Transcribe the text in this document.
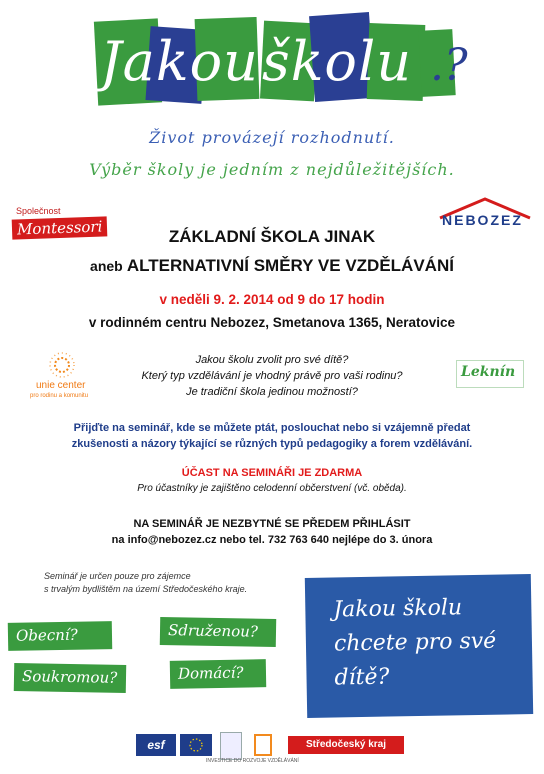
Jakou školu .?
Život provázejí rozhodnutí.
Výběr školy je jedním z nejdůležitějších.
Společnost
Montessori	NEBOZEZ
ZÁKLADNÍ ŠKOLA JINAK
aneb ALTERNATIVNÍ SMĚRY VE VZDĚLÁVÁNÍ
v neděli 9. 2. 2014 od 9 do 17 hodin
v rodinném centru Nebozez, Smetanova 1365, Neratovice
unie center
pro rodinu a komunitu
Jakou školu zvolit pro své dítě?
Který typ vzdělávání je vhodný právě pro vaši rodinu?
Je tradiční škola jedinou možností?
Leknín
Přijďte na seminář, kde se můžete ptát, poslouchat nebo si vzájemně předat
zkušenosti a názory týkající se různých typů pedagogiky a forem vzdělávání.
ÚČAST NA SEMINÁŘI JE ZDARMA
Pro účastníky je zajištěno celodenní občerstvení (vč. oběda).
NA SEMINÁŘ JE NEZBYTNÉ SE PŘEDEM PŘIHLÁSIT
na info@nebozez.cz nebo tel. 732 763 640 nejlépe do 3. února
Seminář je určen pouze pro zájemce
s trvalým bydlištěm na území Středočeského kraje.
Obecní?	Sdruženou?
Soukromou?	Domácí?
Jakou školu
chcete pro své
dítě?
esf	Středočeský kraj
INVESTICE DO ROZVOJE VZDĚLÁVÁNÍ
